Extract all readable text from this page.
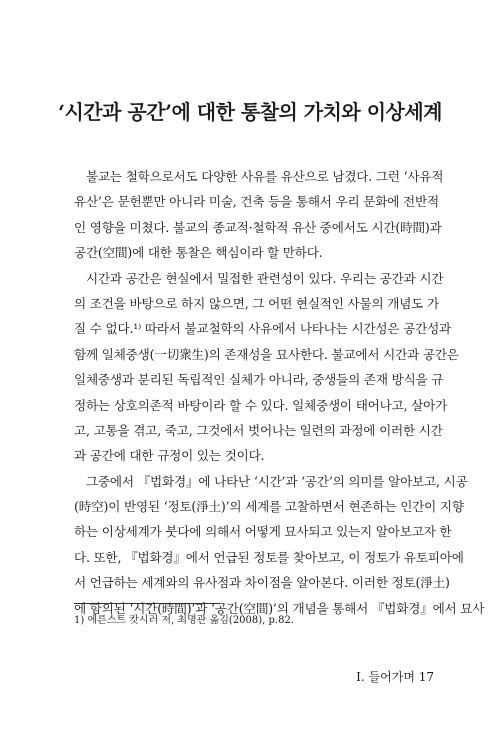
‘시간과 공간’에 대한 통찰의 가치와 이상세계
불교는 철학으로서도 다양한 사유를 유산으로 남겼다. 그런 ‘사유적
유산’은 문헌뿐만 아니라 미술, 건축 등을 통해서 우리 문화에 전반적
인 영향을 미쳤다. 불교의 종교적·철학적 유산 중에서도 시간(時間)과
공간(空間)에 대한 통찰은 핵심이라 할 만하다.
시간과 공간은 현실에서 밀접한 관련성이 있다. 우리는 공간과 시간
의 조건을 바탕으로 하지 않으면, 그 어떤 현실적인 사물의 개념도 가
질 수 없다.¹⁾ 따라서 불교철학의 사유에서 나타나는 시간성은 공간성과
함께 일체중생(一切衆生)의 존재성을 묘사한다. 불교에서 시간과 공간은
일체중생과 분리된 독립적인 실체가 아니라, 중생들의 존재 방식을 규
정하는 상호의존적 바탕이라 할 수 있다. 일체중생이 태어나고, 살아가
고, 고통을 겪고, 죽고, 그것에서 벗어나는 일련의 과정에 이러한 시간
과 공간에 대한 규정이 있는 것이다.
그중에서 『법화경』에 나타난 ‘시간’과 ‘공간’의 의미를 알아보고, 시공
(時空)이 반영된 ‘정토(淨土)’의 세계를 고찰하면서 현존하는 인간이 지향
하는 이상세계가 붓다에 의해서 어떻게 묘사되고 있는지 알아보고자 한
다. 또한, 『법화경』에서 언급된 정토를 찾아보고, 이 정토가 유토피아에
서 언급하는 세계와의 유사점과 차이점을 알아본다. 이러한 정토(淨土)
에 함의된 ‘시간(時間)’과 ‘공간(空間)’의 개념을 통해서 『법화경』에서 묘사
1) 에른스트 캇시러 저, 최명관 옮김(2008), p.82.
I. 들어가며 17
